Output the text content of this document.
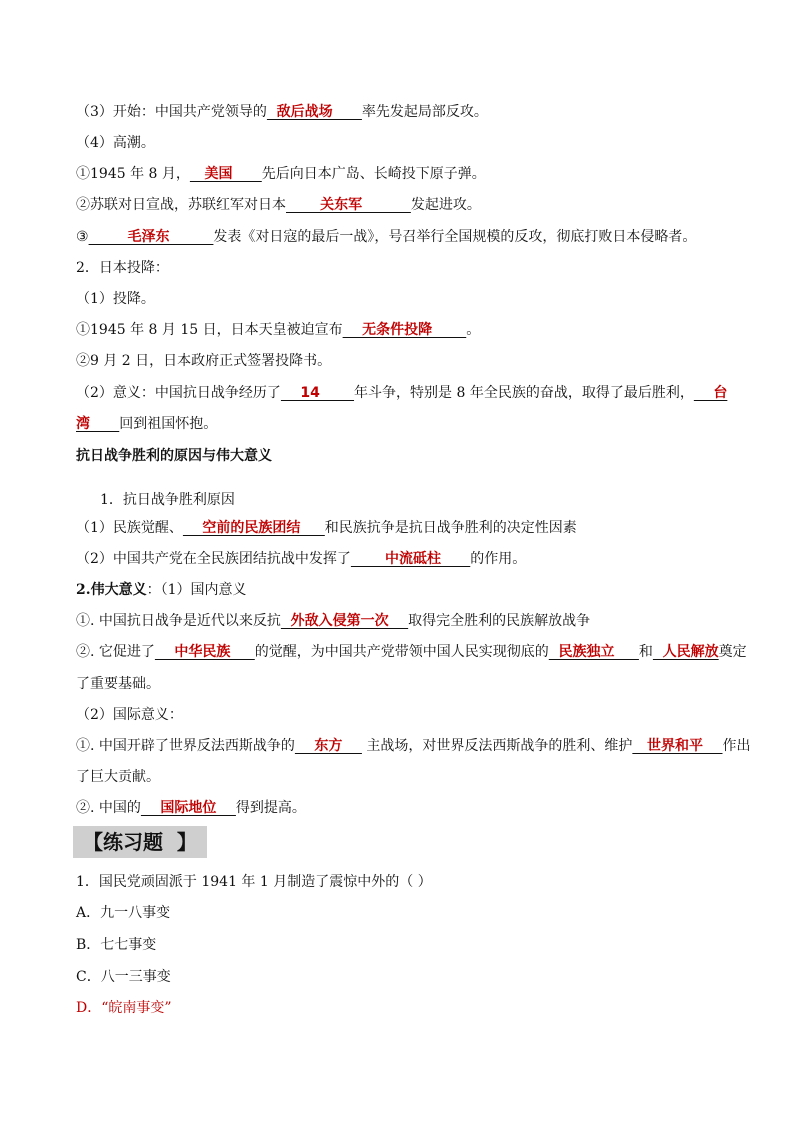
（3）开始：中国共产党领导的  敌后战场      率先发起局部反攻。
（4）高潮。
①1945 年 8 月，   美国      先后向日本广岛、长崎投下原子弹。
②苏联对日宣战，苏联红军对日本       关东军          发起进攻。
③        毛泽东         发表《对日寇的最后一战》，号召举行全国规模的反攻，彻底打败日本侵略者。
2．日本投降：
（1）投降。
①1945 年 8 月 15 日，日本天皇被迫宣布    无条件投降       。
②9 月 2 日，日本政府正式签署投降书。
（2）意义：中国抗日战争经历了    14       年斗争，特别是 8 年全民族的奋战，取得了最后胜利，    台
湾      回到祖国怀抱。
抗日战争胜利的原因与伟大意义
1．抗日战争胜利原因
（1）民族觉醒、    空前的民族团结     和民族抗争是抗日战争胜利的决定性因素
（2）中国共产党在全民族团结抗战中发挥了       中流砥柱      的作用。
2.伟大意义：（1）国内意义
①. 中国抗日战争是近代以来反抗  外敌入侵第一次    取得完全胜利的民族解放战争
②. 它促进了    中华民族     的觉醒，为中国共产党带领中国人民实现彻底的  民族独立     和  人民解放奠定
了重要基础。
（2）国际意义：
①. 中国开辟了世界反法西斯战争的    东方     主战场，对世界反法西斯战争的胜利、维护   世界和平    作出
了巨大贡献。
②. 中国的    国际地位    得到提高。
【练习题  】
1．国民党顽固派于 1941 年 1 月制造了震惊中外的（ ）
A．九一八事变
B．七七事变
C．八一三事变
D．“皖南事变”
